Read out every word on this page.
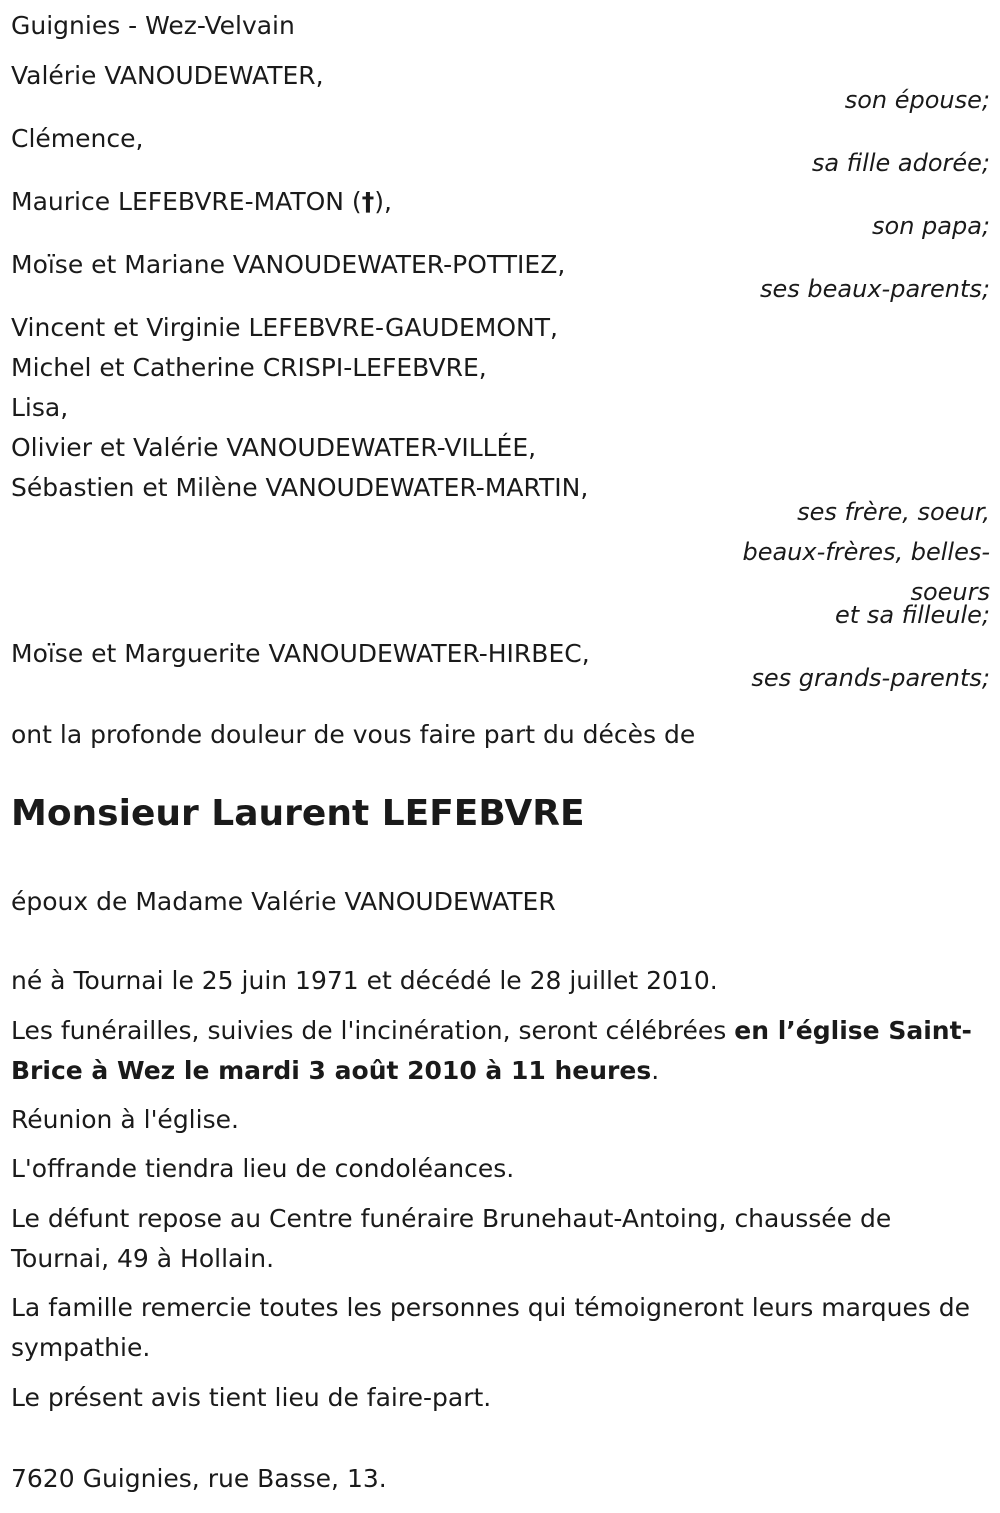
Guignies - Wez-Velvain

Valérie VANOUDEWATER,

son épouse;

Clémence,

sa fille adorée;

Maurice LEFEBVRE-MATON (†),

son papa;

Moïse et Mariane VANOUDEWATER-POTTIEZ,

ses beaux-parents;

Vincent et Virginie LEFEBVRE-GAUDEMONT,

Michel et Catherine CRISPI-LEFEBVRE,

Lisa,

Olivier et Valérie VANOUDEWATER-VILLÉE,

Sébastien et Milène VANOUDEWATER-MARTIN,

ses frère, soeur,

beaux-frères, belles-

soeurs

et sa filleule;

Moïse et Marguerite VANOUDEWATER-HIRBEC,

ses grands-parents;

ont la profonde douleur de vous faire part du décès de

Monsieur Laurent LEFEBVRE

époux de Madame Valérie VANOUDEWATER

né à Tournai le 25 juin 1971 et décédé le 28 juillet 2010.

Les funérailles, suivies de l'incinération, seront célébrées en l’église Saint-Brice à Wez le mardi 3 août 2010 à 11 heures.

Réunion à l'église.

L'offrande tiendra lieu de condoléances.

Le défunt repose au Centre funéraire Brunehaut-Antoing, chaussée de Tournai, 49 à Hollain.

La famille remercie toutes les personnes qui témoigneront leurs marques de sympathie.

Le présent avis tient lieu de faire-part.

7620 Guignies, rue Basse, 13.
